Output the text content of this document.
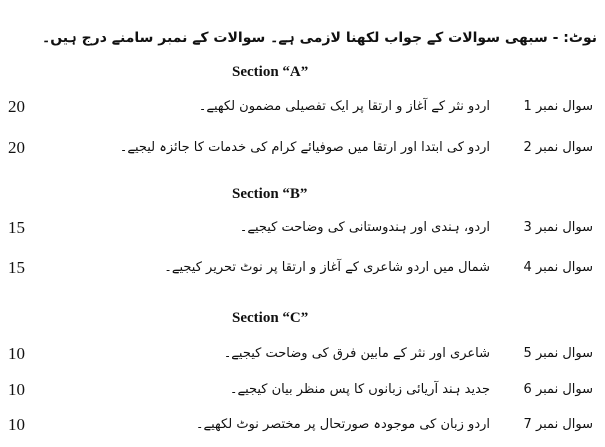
نوٹ: - سبھی سوالات کے جواب لکھنا لازمی ہے۔ سوالات کے نمبر سامنے درج ہیں۔
Section “A”
20	اردو نثر کے آغاز و ارتقا پر ایک تفصیلی مضمون لکھیے۔	سوال نمبر 1
20	اردو کی ابتدا اور ارتقا میں صوفیائے کرام کی خدمات کا جائزہ لیجیے۔	سوال نمبر 2
Section “B”
15	اردو، ہندی اور ہندوستانی کی وضاحت کیجیے۔	سوال نمبر 3
15	شمال میں اردو شاعری کے آغاز و ارتقا پر نوٹ تحریر کیجیے۔	سوال نمبر 4
Section “C”
10	شاعری اور نثر کے مابین فرق کی وضاحت کیجیے۔	سوال نمبر 5
10	جدید ہند آریائی زبانوں کا پس منظر بیان کیجیے۔	سوال نمبر 6
10	اردو زبان کی موجودہ صورتحال پر مختصر نوٹ لکھیے۔	سوال نمبر 7
